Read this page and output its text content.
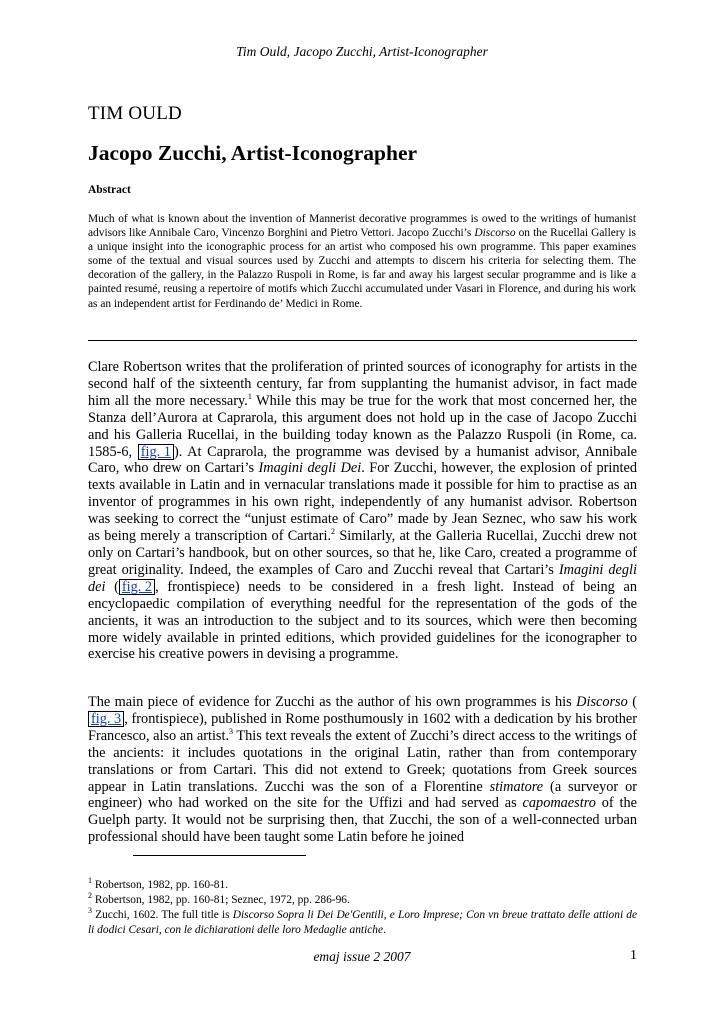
Tim Ould, Jacopo Zucchi, Artist-Iconographer
TIM OULD
Jacopo Zucchi, Artist-Iconographer
Abstract
Much of what is known about the invention of Mannerist decorative programmes is owed to the writings of humanist advisors like Annibale Caro, Vincenzo Borghini and Pietro Vettori. Jacopo Zucchi’s Discorso on the Rucellai Gallery is a unique insight into the iconographic process for an artist who composed his own programme. This paper examines some of the textual and visual sources used by Zucchi and attempts to discern his criteria for selecting them. The decoration of the gallery, in the Palazzo Ruspoli in Rome, is far and away his largest secular programme and is like a painted resumé, reusing a repertoire of motifs which Zucchi accumulated under Vasari in Florence, and during his work as an independent artist for Ferdinando de’ Medici in Rome.

Clare Robertson writes that the proliferation of printed sources of iconography for artists in the second half of the sixteenth century, far from supplanting the humanist advisor, in fact made him all the more necessary.$^1$ While this may be true for the work that most concerned her, the Stanza dell’Aurora at Caprarola, this argument does not hold up in the case of Jacopo Zucchi and his Galleria Rucellai, in the building today known as the Palazzo Ruspoli (in Rome, ca. 1585-6, fig. 1 ). At Caprarola, the programme was devised by a humanist advisor, Annibale Caro, who drew on Cartari’s Imagini degli Dei. For Zucchi, however, the explosion of printed texts available in Latin and in vernacular translations made it possible for him to practise as an inventor of programmes in his own right, independently of any humanist advisor. Robertson was seeking to correct the “unjust estimate of Caro” made by Jean Seznec, who saw his work as being merely a transcription of Cartari.$^2$ Similarly, at the Galleria Rucellai, Zucchi drew not only on Cartari’s handbook, but on other sources, so that he, like Caro, created a programme of great originality. Indeed, the examples of Caro and Zucchi reveal that Cartari’s Imagini degli dei ( fig. 2 , frontispiece) needs to be considered in a fresh light. Instead of being an encyclopaedic compilation of everything needful for the representation of the gods of the ancients, it was an introduction to the subject and to its sources, which were then becoming more widely available in printed editions, which provided guidelines for the iconographer to exercise his creative powers in devising a programme.

The main piece of evidence for Zucchi as the author of his own programmes is his Discorso (fig. 3 , frontispiece), published in Rome posthumously in 1602 with a dedication by his brother Francesco, also an artist.$^3$ This text reveals the extent of Zucchi’s direct access to the writings of the ancients: it includes quotations in the original Latin, rather than from contemporary translations or from Cartari. This did not extend to Greek; quotations from Greek sources appear in Latin translations. Zucchi was the son of a Florentine stimatore (a surveyor or engineer) who had worked on the site for the Uffizi and had served as capomaestro of the Guelph party. It would not be surprising then, that Zucchi, the son of a well-connected urban professional should have been taught some Latin before he joined

$^1$ Robertson, 1982, pp. 160-81.
$^2$ Robertson, 1982, pp. 160-81; Seznec, 1972, pp. 286-96.
$^3$ Zucchi, 1602. The full title is Discorso Sopra li Dei De'Gentili, e Loro Imprese; Con vn breue trattato delle attioni de li dodici Cesari, con le dichiarationi delle loro Medaglie antiche.
emaj issue 2 2007	1
